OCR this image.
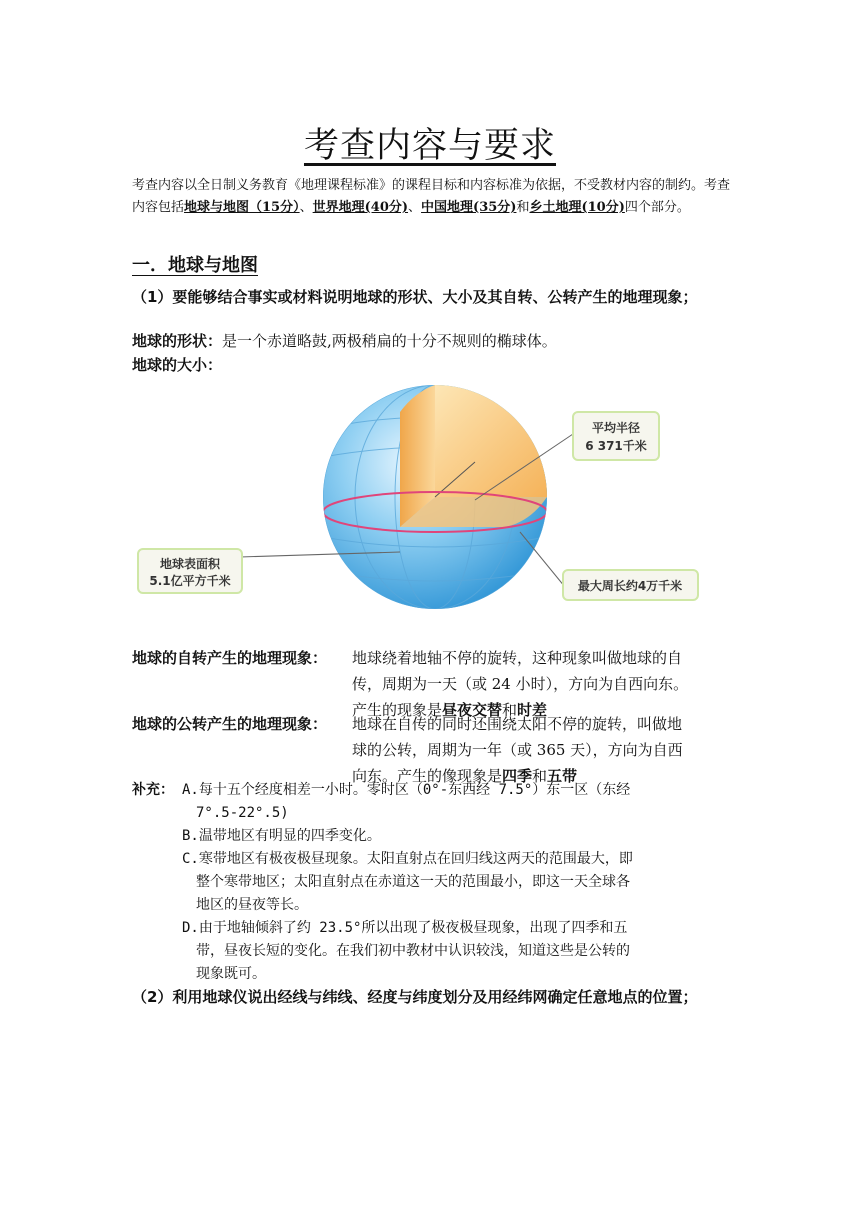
考查内容与要求
考查内容以全日制义务教育《地理课程标准》的课程目标和内容标准为依据，不受教材内容的制约。考查内容包括地球与地图（15分）、世界地理(40分)、中国地理(35分)和乡土地理(10分)四个部分。
一．地球与地图
（1）要能够结合事实或材料说明地球的形状、大小及其自转、公转产生的地理现象；
地球的形状：是一个赤道略鼓,两极稍扁的十分不规则的椭球体。
地球的大小：
平均半径
6 371千米
地球表面积
5.1亿平方千米	最大周长约4万千米
地球的自转产生的地理现象： 地球绕着地轴不停的旋转，这种现象叫做地球的自
传，周期为一天（或 24 小时），方向为自西向东。
产生的现象是昼夜交替和时差
地球的公转产生的地理现象： 地球在自传的同时还围绕太阳不停的旋转，叫做地
球的公转，周期为一年（或 365 天），方向为自西
向东。产生的像现象是四季和五带
补充： A.每十五个经度相差一小时。零时区（0°-东西经 7.5°）东一区（东经
7°.5-22°.5)
B.温带地区有明显的四季变化。
C.寒带地区有极夜极昼现象。太阳直射点在回归线这两天的范围最大，即
整个寒带地区；太阳直射点在赤道这一天的范围最小，即这一天全球各
地区的昼夜等长。
D.由于地轴倾斜了约 23.5°所以出现了极夜极昼现象，出现了四季和五
带，昼夜长短的变化。在我们初中教材中认识较浅，知道这些是公转的
现象既可。
（2）利用地球仪说出经线与纬线、经度与纬度划分及用经纬网确定任意地点的位置；
